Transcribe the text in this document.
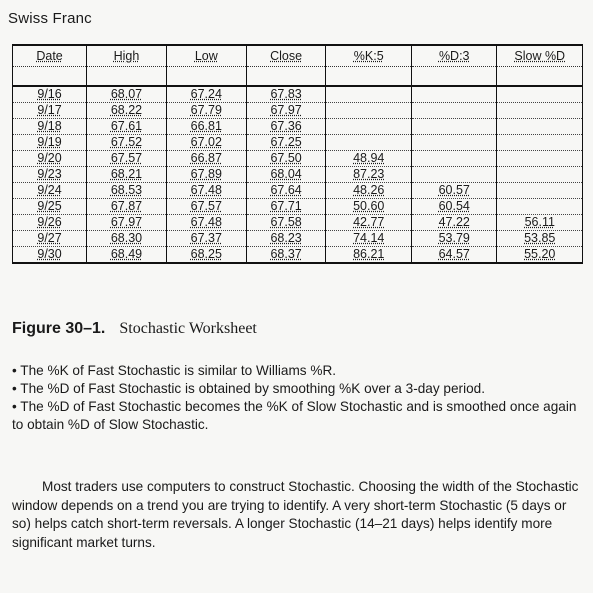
Swiss Franc
Date	High	Low	Close	%K:5	%D:3	Slow %D

9/16	68.07	67.24	67.83			
9/17	68.22	67.79	67.97			
9/18	67.61	66.81	67.36			
9/19	67.52	67.02	67.25			
9/20	67.57	66.87	67.50	48.94		
9/23	68.21	67.89	68.04	87.23		
9/24	68.53	67.48	67.64	48.26	60.57	
9/25	67.87	67.57	67.71	50.60	60.54	
9/26	67.97	67.48	67.58	42.77	47.22	56.11
9/27	68.30	67.37	68.23	74.14	53.79	53.85
9/30	68.49	68.25	68.37	86.21	64.57	55.20
Figure 30–1. Stochastic Worksheet

• The %K of Fast Stochastic is similar to Williams %R.

• The %D of Fast Stochastic is obtained by smoothing %K over a 3-day period.

• The %D of Fast Stochastic becomes the %K of Slow Stochastic and is smoothed once again to obtain %D of Slow Stochastic.

Most traders use computers to construct Stochastic. Choosing the width of the Stochastic window depends on a trend you are trying to identify. A very short-term Stochastic (5 days or so) helps catch short-term reversals. A longer Stochastic (14–21 days) helps identify more significant market turns.
